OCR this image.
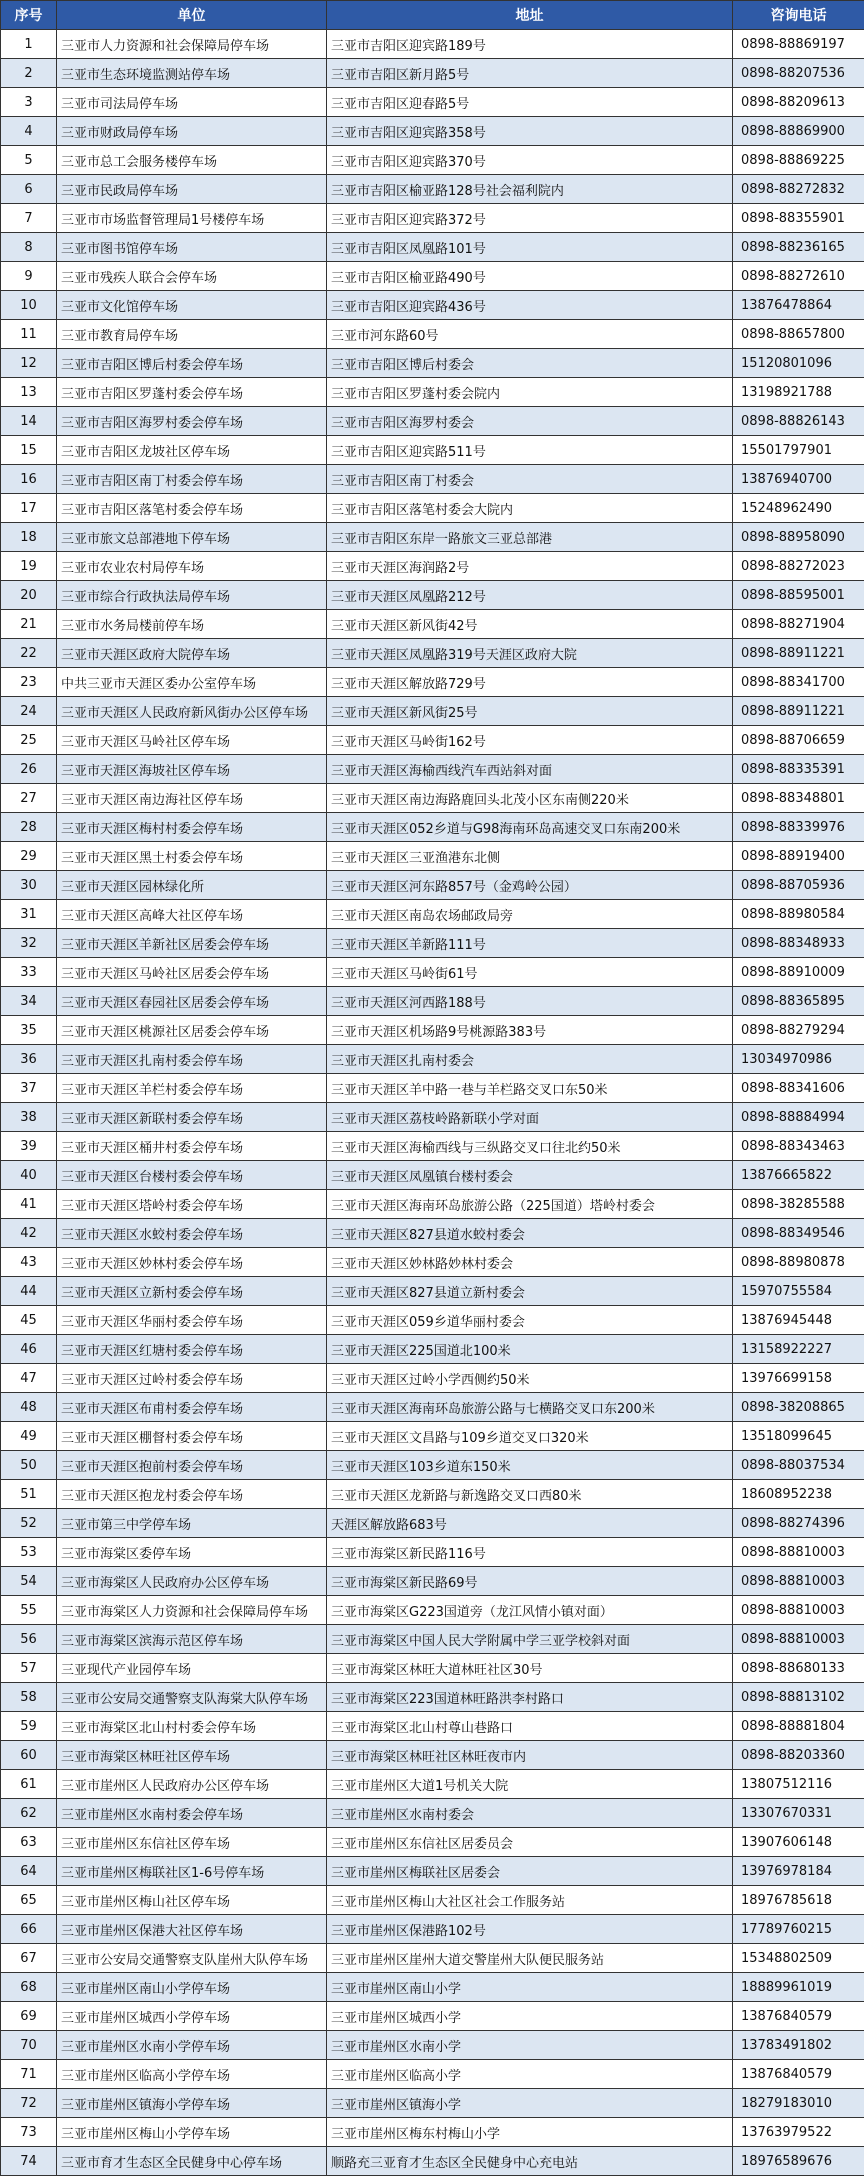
序号	单位	地址	咨询电话
1	三亚市人力资源和社会保障局停车场	三亚市吉阳区迎宾路189号	0898-88869197
2	三亚市生态环境监测站停车场	三亚市吉阳区新月路5号	0898-88207536
3	三亚市司法局停车场	三亚市吉阳区迎春路5号	0898-88209613
4	三亚市财政局停车场	三亚市吉阳区迎宾路358号	0898-88869900
5	三亚市总工会服务楼停车场	三亚市吉阳区迎宾路370号	0898-88869225
6	三亚市民政局停车场	三亚市吉阳区榆亚路128号社会福利院内	0898-88272832
7	三亚市市场监督管理局1号楼停车场	三亚市吉阳区迎宾路372号	0898-88355901
8	三亚市图书馆停车场	三亚市吉阳区凤凰路101号	0898-88236165
9	三亚市残疾人联合会停车场	三亚市吉阳区榆亚路490号	0898-88272610
10	三亚市文化馆停车场	三亚市吉阳区迎宾路436号	13876478864
11	三亚市教育局停车场	三亚市河东路60号	0898-88657800
12	三亚市吉阳区博后村委会停车场	三亚市吉阳区博后村委会	15120801096
13	三亚市吉阳区罗蓬村委会停车场	三亚市吉阳区罗蓬村委会院内	13198921788
14	三亚市吉阳区海罗村委会停车场	三亚市吉阳区海罗村委会	0898-88826143
15	三亚市吉阳区龙坡社区停车场	三亚市吉阳区迎宾路511号	15501797901
16	三亚市吉阳区南丁村委会停车场	三亚市吉阳区南丁村委会	13876940700
17	三亚市吉阳区落笔村委会停车场	三亚市吉阳区落笔村委会大院内	15248962490
18	三亚市旅文总部港地下停车场	三亚市吉阳区东岸一路旅文三亚总部港	0898-88958090
19	三亚市农业农村局停车场	三亚市天涯区海润路2号	0898-88272023
20	三亚市综合行政执法局停车场	三亚市天涯区凤凰路212号	0898-88595001
21	三亚市水务局楼前停车场	三亚市天涯区新风街42号	0898-88271904
22	三亚市天涯区政府大院停车场	三亚市天涯区凤凰路319号天涯区政府大院	0898-88911221
23	中共三亚市天涯区委办公室停车场	三亚市天涯区解放路729号	0898-88341700
24	三亚市天涯区人民政府新风街办公区停车场	三亚市天涯区新风街25号	0898-88911221
25	三亚市天涯区马岭社区停车场	三亚市天涯区马岭街162号	0898-88706659
26	三亚市天涯区海坡社区停车场	三亚市天涯区海榆西线汽车西站斜对面	0898-88335391
27	三亚市天涯区南边海社区停车场	三亚市天涯区南边海路鹿回头北茂小区东南侧220米	0898-88348801
28	三亚市天涯区梅村村委会停车场	三亚市天涯区052乡道与G98海南环岛高速交叉口东南200米	0898-88339976
29	三亚市天涯区黑土村委会停车场	三亚市天涯区三亚渔港东北侧	0898-88919400
30	三亚市天涯区园林绿化所	三亚市天涯区河东路857号（金鸡岭公园）	0898-88705936
31	三亚市天涯区高峰大社区停车场	三亚市天涯区南岛农场邮政局旁	0898-88980584
32	三亚市天涯区羊新社区居委会停车场	三亚市天涯区羊新路111号	0898-88348933
33	三亚市天涯区马岭社区居委会停车场	三亚市天涯区马岭街61号	0898-88910009
34	三亚市天涯区春园社区居委会停车场	三亚市天涯区河西路188号	0898-88365895
35	三亚市天涯区桃源社区居委会停车场	三亚市天涯区机场路9号桃源路383号	0898-88279294
36	三亚市天涯区扎南村委会停车场	三亚市天涯区扎南村委会	13034970986
37	三亚市天涯区羊栏村委会停车场	三亚市天涯区羊中路一巷与羊栏路交叉口东50米	0898-88341606
38	三亚市天涯区新联村委会停车场	三亚市天涯区荔枝岭路新联小学对面	0898-88884994
39	三亚市天涯区桶井村委会停车场	三亚市天涯区海榆西线与三纵路交叉口往北约50米	0898-88343463
40	三亚市天涯区台楼村委会停车场	三亚市天涯区凤凰镇台楼村委会	13876665822
41	三亚市天涯区塔岭村委会停车场	三亚市天涯区海南环岛旅游公路（225国道）塔岭村委会	0898-38285588
42	三亚市天涯区水蛟村委会停车场	三亚市天涯区827县道水蛟村委会	0898-88349546
43	三亚市天涯区妙林村委会停车场	三亚市天涯区妙林路妙林村委会	0898-88980878
44	三亚市天涯区立新村委会停车场	三亚市天涯区827县道立新村委会	15970755584
45	三亚市天涯区华丽村委会停车场	三亚市天涯区059乡道华丽村委会	13876945448
46	三亚市天涯区红塘村委会停车场	三亚市天涯区225国道北100米	13158922227
47	三亚市天涯区过岭村委会停车场	三亚市天涯区过岭小学西侧约50米	13976699158
48	三亚市天涯区布甫村委会停车场	三亚市天涯区海南环岛旅游公路与七横路交叉口东200米	0898-38208865
49	三亚市天涯区棚督村委会停车场	三亚市天涯区文昌路与109乡道交叉口320米	13518099645
50	三亚市天涯区抱前村委会停车场	三亚市天涯区103乡道东150米	0898-88037534
51	三亚市天涯区抱龙村委会停车场	三亚市天涯区龙新路与新逸路交叉口西80米	18608952238
52	三亚市第三中学停车场	天涯区解放路683号	0898-88274396
53	三亚市海棠区委停车场	三亚市海棠区新民路116号	0898-88810003
54	三亚市海棠区人民政府办公区停车场	三亚市海棠区新民路69号	0898-88810003
55	三亚市海棠区人力资源和社会保障局停车场	三亚市海棠区G223国道旁（龙江风情小镇对面）	0898-88810003
56	三亚市海棠区滨海示范区停车场	三亚市海棠区中国人民大学附属中学三亚学校斜对面	0898-88810003
57	三亚现代产业园停车场	三亚市海棠区林旺大道林旺社区30号	0898-88680133
58	三亚市公安局交通警察支队海棠大队停车场	三亚市海棠区223国道林旺路洪李村路口	0898-88813102
59	三亚市海棠区北山村村委会停车场	三亚市海棠区北山村尊山巷路口	0898-88881804
60	三亚市海棠区林旺社区停车场	三亚市海棠区林旺社区林旺夜市内	0898-88203360
61	三亚市崖州区人民政府办公区停车场	三亚市崖州区大道1号机关大院	13807512116
62	三亚市崖州区水南村委会停车场	三亚市崖州区水南村委会	13307670331
63	三亚市崖州区东信社区停车场	三亚市崖州区东信社区居委员会	13907606148
64	三亚市崖州区梅联社区1-6号停车场	三亚市崖州区梅联社区居委会	13976978184
65	三亚市崖州区梅山社区停车场	三亚市崖州区梅山大社区社会工作服务站	18976785618
66	三亚市崖州区保港大社区停车场	三亚市崖州区保港路102号	17789760215
67	三亚市公安局交通警察支队崖州大队停车场	三亚市崖州区崖州大道交警崖州大队便民服务站	15348802509
68	三亚市崖州区南山小学停车场	三亚市崖州区南山小学	18889961019
69	三亚市崖州区城西小学停车场	三亚市崖州区城西小学	13876840579
70	三亚市崖州区水南小学停车场	三亚市崖州区水南小学	13783491802
71	三亚市崖州区临高小学停车场	三亚市崖州区临高小学	13876840579
72	三亚市崖州区镇海小学停车场	三亚市崖州区镇海小学	18279183010
73	三亚市崖州区梅山小学停车场	三亚市崖州区梅东村梅山小学	13763979522
74	三亚市育才生态区全民健身中心停车场	顺路充三亚育才生态区全民健身中心充电站	18976589676
